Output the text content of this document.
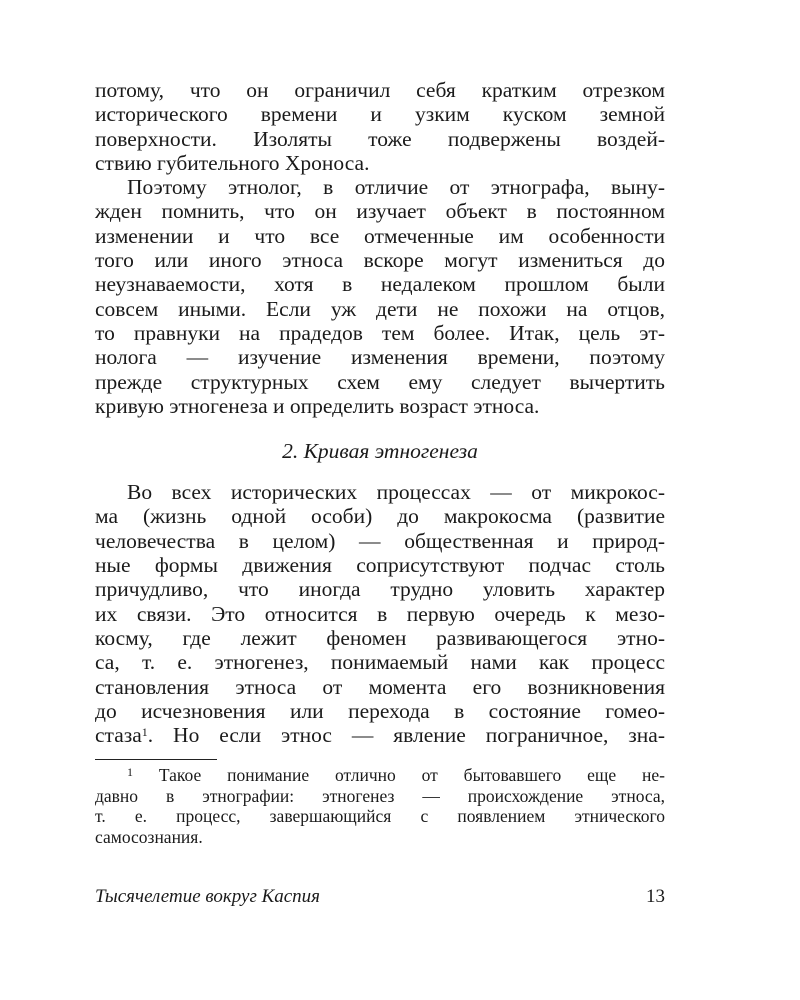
потому, что он ограничил себя кратким отрезком
исторического времени и узким куском земной
поверхности. Изоляты тоже подвержены воздей-
ствию губительного Хроноса.
Поэтому этнолог, в отличие от этнографа, выну-
жден помнить, что он изучает объект в постоянном
изменении и что все отмеченные им особенности
того или иного этноса вскоре могут измениться до
неузнаваемости, хотя в недалеком прошлом были
совсем иными. Если уж дети не похожи на отцов,
то правнуки на прадедов тем более. Итак, цель эт-
нолога — изучение изменения времени, поэтому
прежде структурных схем ему следует вычертить
кривую этногенеза и определить возраст этноса.
2. Кривая этногенеза
Во всех исторических процессах — от микрокос-
ма (жизнь одной особи) до макрокосма (развитие
человечества в целом) — общественная и природ-
ные формы движения соприсутствуют подчас столь
причудливо, что иногда трудно уловить характер
их связи. Это относится в первую очередь к мезо-
косму, где лежит феномен развивающегося этно-
са, т. е. этногенез, понимаемый нами как процесс
становления этноса от момента его возникновения
до исчезновения или перехода в состояние гомео-
стаза$^1$. Но если этнос — явление пограничное, зна-
$^1$ Такое понимание отлично от бытовавшего еще не-
давно в этнографии: этногенез — происхождение этноса,
т. е. процесс, завершающийся с появлением этнического
самосознания.
Тысячелетие вокруг Каспия	13
